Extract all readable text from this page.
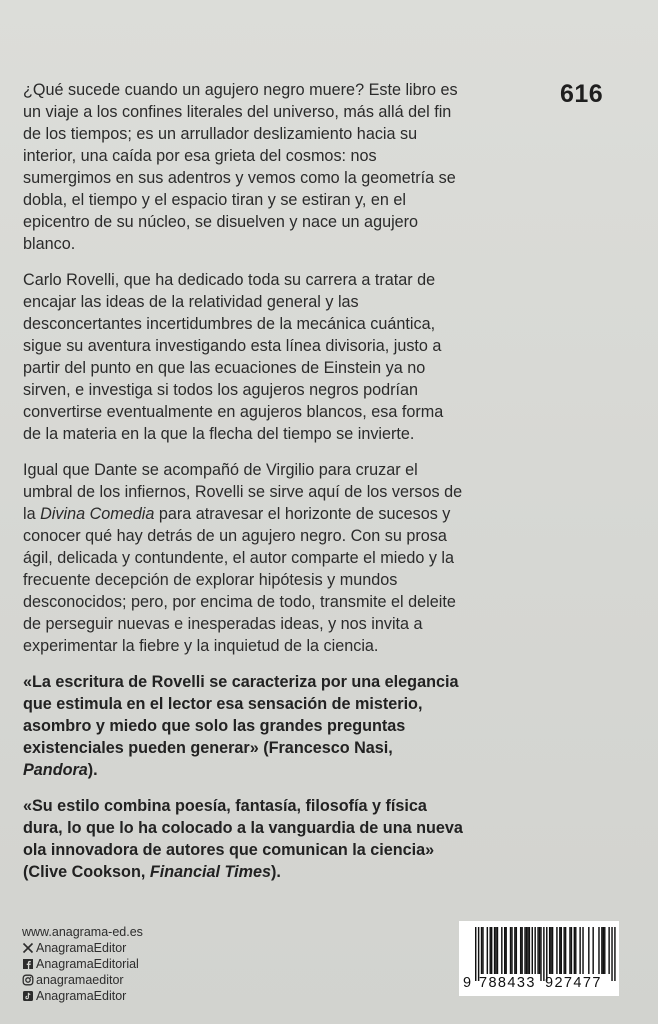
616

¿Qué sucede cuando un agujero negro muere? Este libro es un viaje a los confines literales del universo, más allá del fin de los tiempos; es un arrullador deslizamiento hacia su interior, una caída por esa grieta del cosmos: nos sumergimos en sus adentros y vemos como la geometría se dobla, el tiempo y el espacio tiran y se estiran y, en el epicentro de su núcleo, se disuelven y nace un agujero blanco.

Carlo Rovelli, que ha dedicado toda su carrera a tratar de encajar las ideas de la relatividad general y las desconcertantes incertidumbres de la mecánica cuántica, sigue su aventura investigando esta línea divisoria, justo a partir del punto en que las ecuaciones de Einstein ya no sirven, e investiga si todos los agujeros negros podrían convertirse eventualmente en agujeros blancos, esa forma de la materia en la que la flecha del tiempo se invierte.

Igual que Dante se acompañó de Virgilio para cruzar el umbral de los infiernos, Rovelli se sirve aquí de los versos de la Divina Comedia para atravesar el horizonte de sucesos y conocer qué hay detrás de un agujero negro. Con su prosa ágil, delicada y contundente, el autor comparte el miedo y la frecuente decepción de explorar hipótesis y mundos desconocidos; pero, por encima de todo, transmite el deleite de perseguir nuevas e inesperadas ideas, y nos invita a experimentar la fiebre y la inquietud de la ciencia.

«La escritura de Rovelli se caracteriza por una elegancia que estimula en el lector esa sensación de misterio, asombro y miedo que solo las grandes preguntas existenciales pueden generar» (Francesco Nasi, Pandora).

«Su estilo combina poesía, fantasía, filosofía y física dura, lo que lo ha colocado a la vanguardia de una nueva ola innovadora de autores que comunican la ciencia» (Clive Cookson, Financial Times).

www.anagrama-ed.es
AnagramaEditor
AnagramaEditorial
anagramaeditor
AnagramaEditor
9 788433 927477
